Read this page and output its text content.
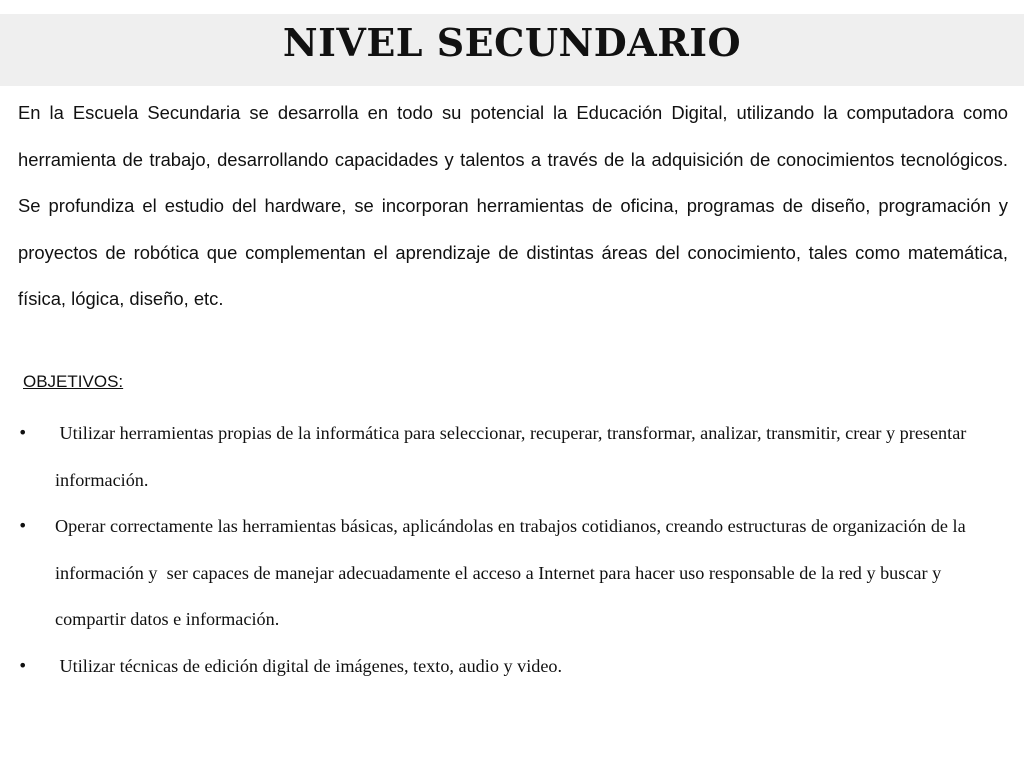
NIVEL SECUNDARIO

En la Escuela Secundaria se desarrolla en todo su potencial la Educación Digital, utilizando la computadora como herramienta de trabajo, desarrollando capacidades y talentos a través de la adquisición de conocimientos tecnológicos. Se profundiza el estudio del hardware, se incorporan herramientas de oficina, programas de diseño, programación y proyectos de robótica que complementan el aprendizaje de distintas áreas del conocimiento, tales como matemática, física, lógica, diseño, etc.

OBJETIVOS:
• Utilizar herramientas propias de la informática para seleccionar, recuperar, transformar, analizar, transmitir, crear y presentar información.
• Operar correctamente las herramientas básicas, aplicándolas en trabajos cotidianos, creando estructuras de organización de la información y  ser capaces de manejar adecuadamente el acceso a Internet para hacer uso responsable de la red y buscar y compartir datos e información.
• Utilizar técnicas de edición digital de imágenes, texto, audio y video.
